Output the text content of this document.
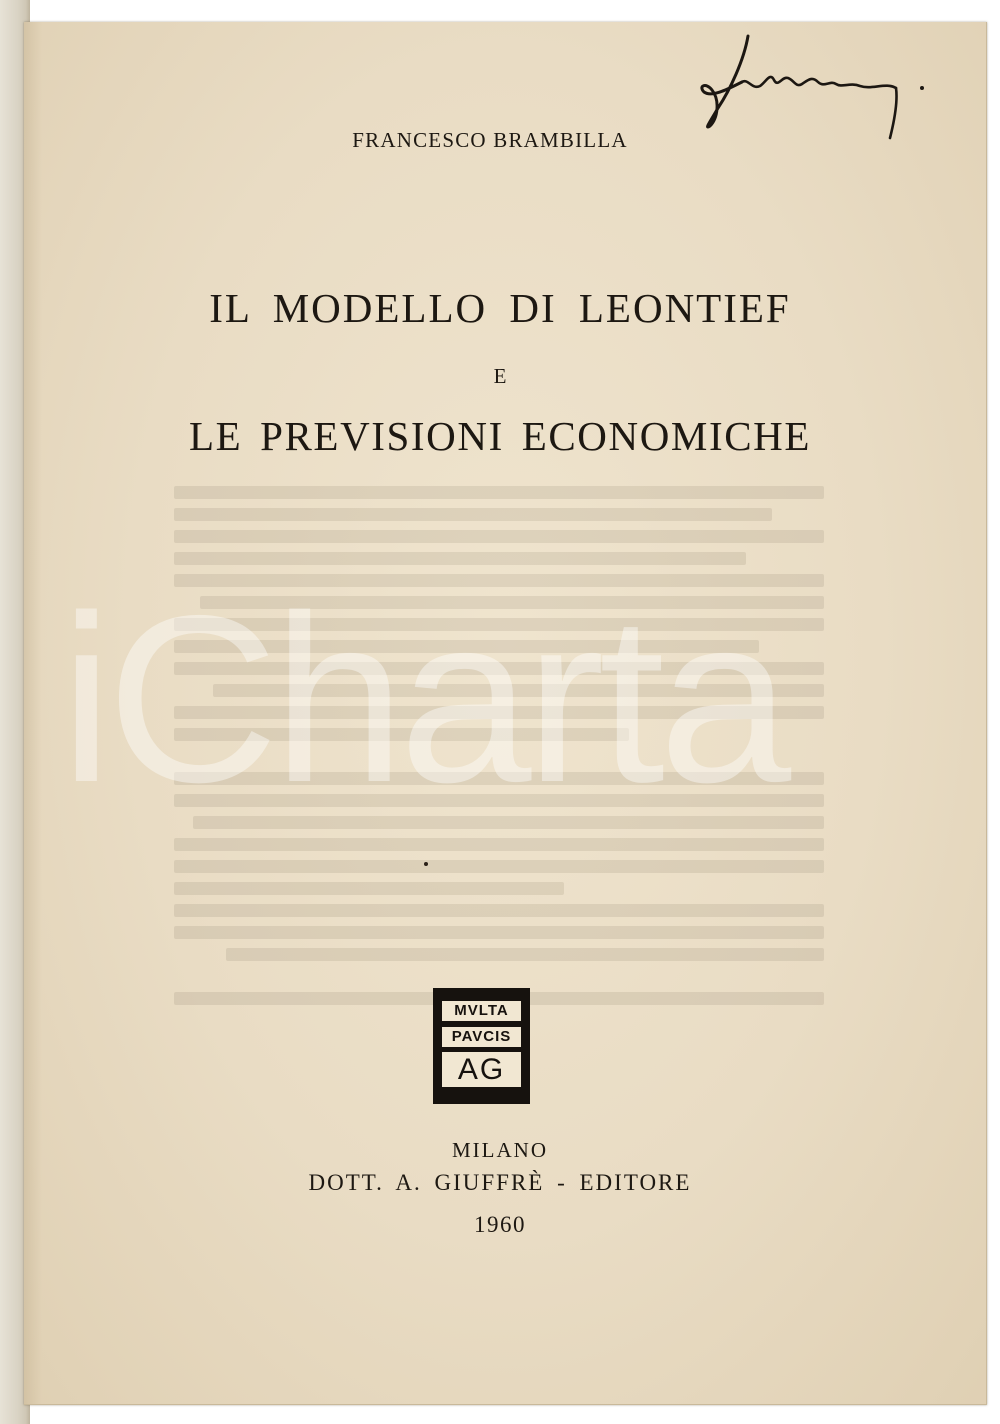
FRANCESCO BRAMBILLA
IL MODELLO DI LEONTIEF
E
LE PREVISIONI ECONOMICHE
MVLTA
PAVCIS
AG
MILANO
DOTT. A. GIUFFRÈ - EDITORE
1960
iCharta
